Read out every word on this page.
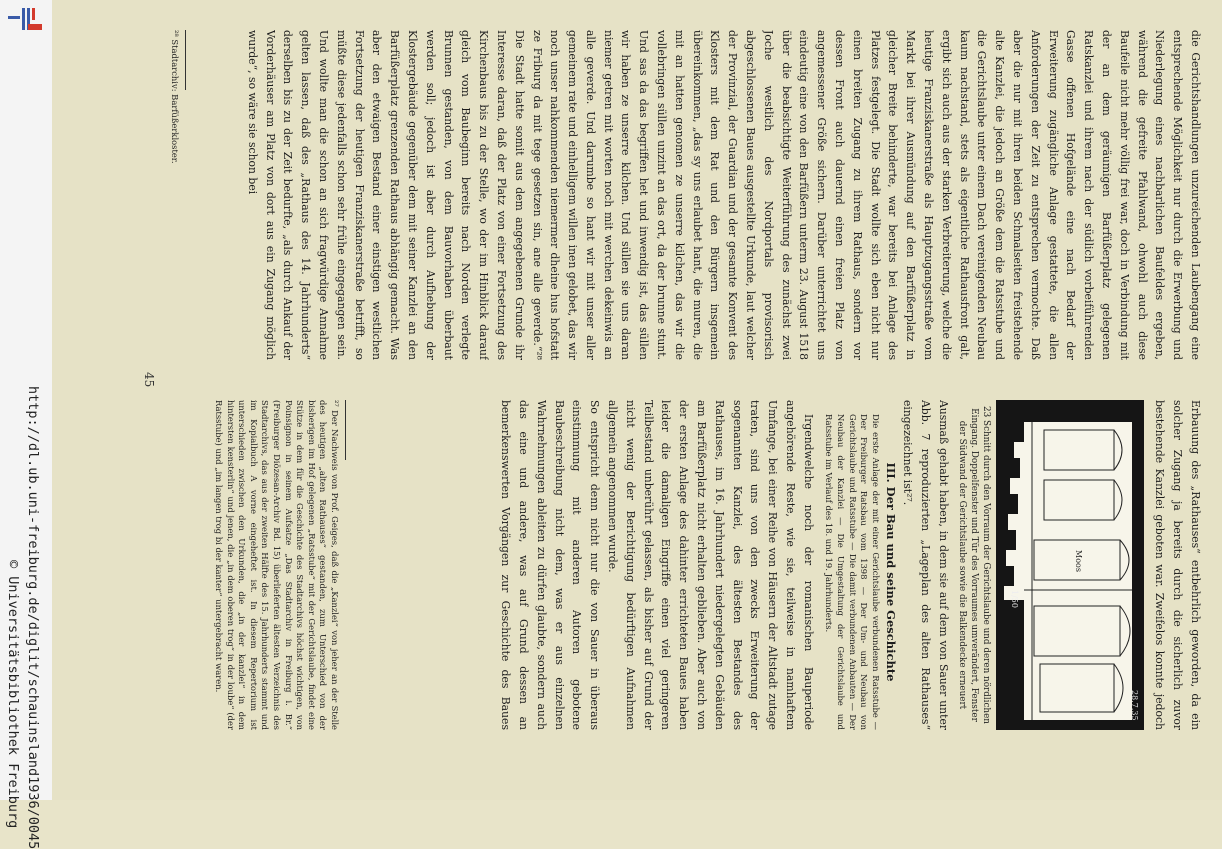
http://dl.ub.uni-freiburg.de/diglit/schauinsland1936/0045
© Universitätsbibliothek Freiburg

die Gerichtshandlungen unzureichenden Laubengang eine entsprechende Möglichkeit nur durch die Erwerbung und Niederlegung eines nachbarlichen Baufeldes ergeben, während die gefreite Pfahlwand, ohwohl auch diese Baufeile nicht mehr völlig frei war, doch in Verbindung mit der an dem geräumigen Barfüßerplatz gelegenen Ratskanzlei und ihrem nach der südlich vorbeiführenden Gasse offenen Hofgelände eine nach Bedarf der Erweiterung zugängliche Anlage gestattete, die allen Anforderungen der Zeit zu entsprechen vermochte. Daß aber die nur mit ihren beiden Schmalseiten freistehende alte Kanzlei, die jedoch an Größe dem die Ratsstube und die Gerichtslaube unter einem Dach vereinigenden Neubau kaum nachstand, stets als eigentliche Rathausfront galt, ergibt sich auch aus der starken Verbreiterung, welche die heutige Franziskanerstraße als Hauptzugangsstraße vom Markt bei ihrer Ausmündung auf den Barfüßerplatz in gleicher Breite behinderte, war bereits bei Anlage des Platzes festgelegt. Die Stadt wollte sich eben nicht nur einen breiten Zugang zu ihrem Rathaus, sondern vor dessen Front auch dauernd einen freien Platz von angemessener Größe sichern. Darüber unterrichtet uns eindeutig eine von den Barfüßern unterm 23. August 1518 über die beabsichtigte Weiterführung des zunächst zwei Joche westlich des Nordportals provisorisch abgeschlossenen Baues ausgestellte Urkunde, laut welcher der Provinzial, der Guardian und der gesamte Konvent des Klosters mit dem Rat und den Bürgern insgemein übereinkommen, „das sy uns erlaubet hant, die muren, die mit an hatten genomen ze unserre kilchen, das wir die vollebringen süllen unzint an das ort, da der brunne stunt. Und sas da das begriffen het und inwendig ist, das süllen wir haben ze unserre kilchen. Und süllen sie uns daran niemer getren mit worten noch mit werchen dekeinwis an alle geverde. Und darumbe so hant wir mit unser aller gemeinem rate und einhelligem willen inen gelobet, das wir noch unser nahkommenden niemermer dheine hus hofstatt ze Friburg da mit tege gesetzen sin, ane alle geverde.“²⁸ Die Stadt hatte somit aus dem angegebenen Grunde ihr Interesse daran, daß der Platz von einer Fortsetzung des Kirchenbaus bis zu der Stelle, wo der im Hinblick darauf gleich vom Baubeginn bereits nach Norden verlegte Brunnen gestanden, von dem Bauvorhaben überbaut werden soll; jedoch ist aber durch Aufhebung der Klostergebäude gegenüber dem mit seiner Kanzlei an den Barfüßerplatz grenzenden Rathaus abhängig gemacht. Was aber den etwaigen Bestand einer einstigen westlichen Fortsetzung der heutigen Franziskanerstraße betrifft, so müßte diese jedenfalls schon sehr frühe eingegangen sein. Und wollte man die schon an sich fragwürdige Annahme gelten lassen, daß des „Rathaus des 14. Jahrhunderts“ derselben bis zu der Zeit bedurfte, „als durch Ankauf der Vorderhäuser am Platz von dort aus ein Zugang möglich wurde“, so wäre sie schon bei

²⁸ Stadtarchiv: Barfüßerkloster.
45
Erbauung des „Rathauses“ entbehrlich geworden, da ein solcher Zugang ja bereits durch die sicherlich zuvor bestehende Kanzlei geboten war. Zweifelos konnte jedoch
28.7.35
Moos
1/50
23 Schnitt durch den Vorraum der Gerichtslaube und deren nördlichen Eingang. Doppelfenster und Tür des Vorraumes umverändert, Fenster der Südwand der Gerichtslaube sowie die Balkendecke erneuert

Ausmaß gehabt haben, in dem sie auf dem von Sauer unter Abb. 7 reproduzierten „Lageplan des alten Rathauses“ eingezeichnet ist²⁷.

III. Der Bau und seine Geschichte

Die erste Anlage der mit einer Gerichtslaube verbundenen Ratsstube — Der Freiburger Ratsbau vom 1398 — Der Um- und Neubau von Gerichtslaube und Ratsstube — Die damit verbundenen Anbauten — Der Neubau der Kanzlei — Die Umgestaltung der Gerichtslaube und Ratsstube im Verlauf des 18. und 19. Jahrhunderts.

Irgendwelche noch der romanischen Bauperiode angehörende Reste, wie sie, teilweise in namhaftem Umfange, bei einer Reihe von Häusern der Altstadt zutage traten, sind uns von den zwecks Erweiterung der sogenannten Kanzlei, des ältesten Bestandes des Rathauses, im 16. Jahrhundert niedergelegten Gebäuden am Barfüßerplatz nicht erhalten geblieben. Aber auch von der ersten Anlage des dahinter errichteten Baues haben leider die damaligen Eingriffe einen viel geringeren Teilbestand unberührt gelassen, als bisher auf Grund der nicht wenig der Berichtigung bedürftigen Aufnahmen allgemein angenommen wurde.
So entspricht denn nicht nur die von Sauer in überaus einstimmung mit anderen Autoren gebotene Baubeschreibung nicht dem, was er aus einzelnen Wahrnehmungen ableiten zu dürfen glaubte, sondern auch das eine und andere, was auf Grund dessen an bemerkenswerten Vorgängen zur Geschichte des Baues

²⁷ Der Nachweis von Prof. Geiges, daß die „Kanzlei“ von jeher an der Stelle des heutigen „alten Rathauses“ gestanden, zum Unterschied von der bisherigen im Hof gelegenen „Ratsstube“ mit der Gerichtslaube, findet eine Stütze in dem für die Geschichte des Stadtarchivs höchst wichtigen, von Poinsignon in seinem Aufsatze „Das Stadtarchiv in Freiburg i. Br.“ (Freiburger Diözesan-Archiv Bd. 15) überlieferten ältesten Verzeichnis des Stadtarchivs, das aus der zweiten Hälfte des 15. Jahrhunderts stammt und im Kopialbuch A vorne eingeheftet ist. In diesem Repertorium ist unterschieden zwischen den Urkunden, die „in der kanzlei“ in dem hintersten kensterlin“ und jenen, die „in dem oberen trog“ in der loube“ (der Ratsstube) und „im langen trog bi der kanter“ untergebracht waren.
